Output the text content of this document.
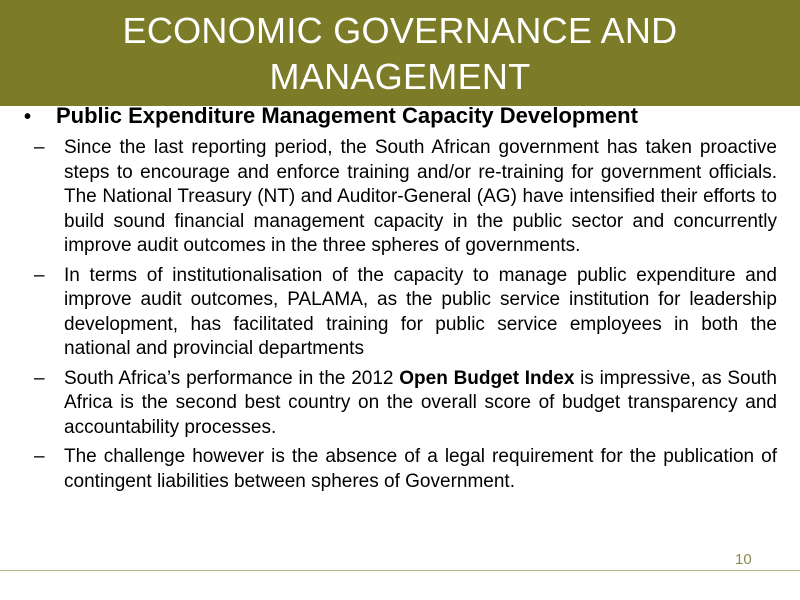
ECONOMIC GOVERNANCE AND
MANAGEMENT
•	Public Expenditure Management Capacity Development
–	Since the last reporting period, the South African government has taken proactive steps to encourage and enforce training and/or re-training for government officials. The National Treasury (NT) and Auditor-General (AG) have intensified their efforts to build sound financial management capacity in the public sector and concurrently improve audit outcomes in the three spheres of governments.
–	In terms of institutionalisation of the capacity to manage public expenditure and improve audit outcomes, PALAMA, as the public service institution for leadership development, has facilitated training for public service employees in both the national and provincial departments
–	South Africa’s performance in the 2012 Open Budget Index is impressive, as South Africa is the second best country on the overall score of budget transparency and accountability processes.
–	The challenge however is the absence of a legal requirement for the publication of contingent liabilities between spheres of Government.
10
